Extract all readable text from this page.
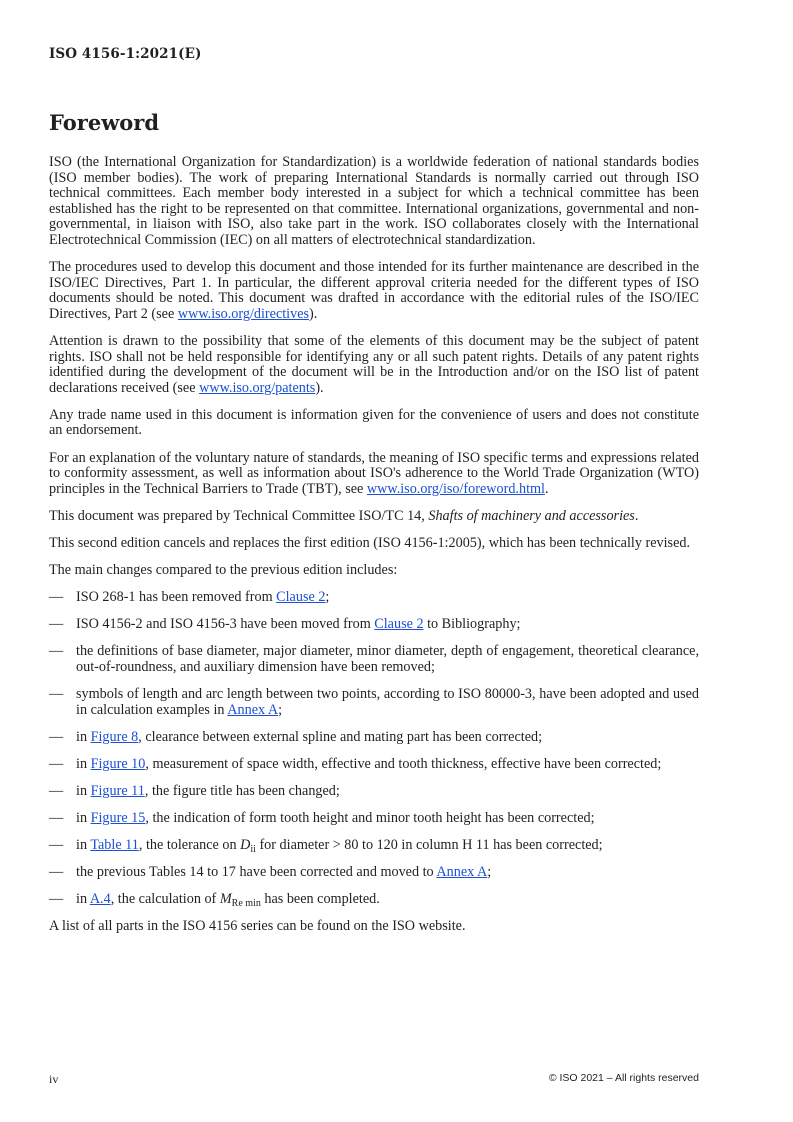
ISO 4156-1:2021(E)
Foreword

ISO (the International Organization for Standardization) is a worldwide federation of national standards bodies (ISO member bodies). The work of preparing International Standards is normally carried out through ISO technical committees. Each member body interested in a subject for which a technical committee has been established has the right to be represented on that committee. International organizations, governmental and non-governmental, in liaison with ISO, also take part in the work. ISO collaborates closely with the International Electrotechnical Commission (IEC) on all matters of electrotechnical standardization.

The procedures used to develop this document and those intended for its further maintenance are described in the ISO/IEC Directives, Part 1. In particular, the different approval criteria needed for the different types of ISO documents should be noted. This document was drafted in accordance with the editorial rules of the ISO/IEC Directives, Part 2 (see www.iso.org/directives).

Attention is drawn to the possibility that some of the elements of this document may be the subject of patent rights. ISO shall not be held responsible for identifying any or all such patent rights. Details of any patent rights identified during the development of the document will be in the Introduction and/or on the ISO list of patent declarations received (see www.iso.org/patents).

Any trade name used in this document is information given for the convenience of users and does not constitute an endorsement.

For an explanation of the voluntary nature of standards, the meaning of ISO specific terms and expressions related to conformity assessment, as well as information about ISO's adherence to the World Trade Organization (WTO) principles in the Technical Barriers to Trade (TBT), see www.iso.org/iso/foreword.html.

This document was prepared by Technical Committee ISO/TC 14, Shafts of machinery and accessories.

This second edition cancels and replaces the first edition (ISO 4156-1:2005), which has been technically revised.

The main changes compared to the previous edition includes:

— ISO 268-1 has been removed from Clause 2;
— ISO 4156-2 and ISO 4156-3 have been moved from Clause 2 to Bibliography;
— the definitions of base diameter, major diameter, minor diameter, depth of engagement, theoretical clearance, out-of-roundness, and auxiliary dimension have been removed;
— symbols of length and arc length between two points, according to ISO 80000-3, have been adopted and used in calculation examples in Annex A;
— in Figure 8, clearance between external spline and mating part has been corrected;
— in Figure 10, measurement of space width, effective and tooth thickness, effective have been corrected;
— in Figure 11, the figure title has been changed;
— in Figure 15, the indication of form tooth height and minor tooth height has been corrected;
— in Table 11, the tolerance on $D_{ii}$ for diameter > 80 to 120 in column H 11 has been corrected;
— the previous Tables 14 to 17 have been corrected and moved to Annex A;
— in A.4, the calculation of $M_{Re min}$ has been completed.

A list of all parts in the ISO 4156 series can be found on the ISO website.

iv	© ISO 2021 – All rights reserved
